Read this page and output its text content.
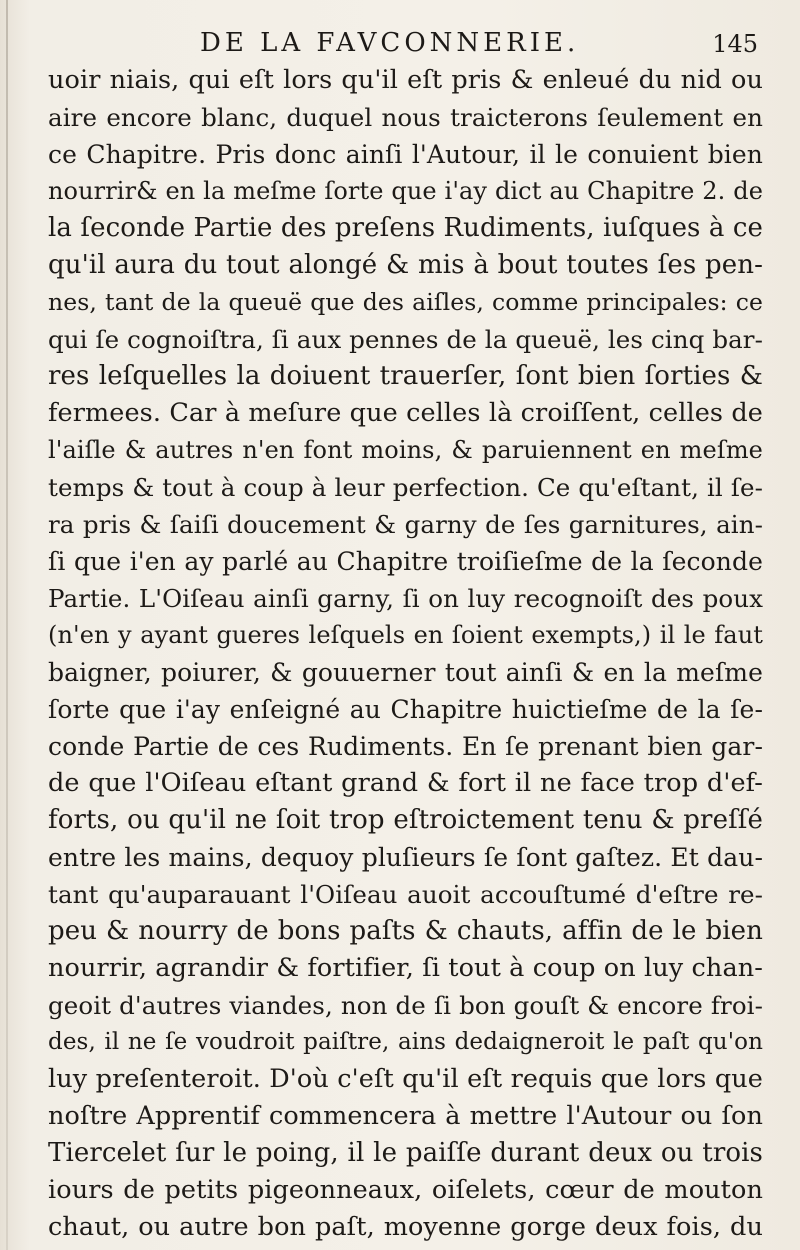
DE LA FAVCONNERIE.	145
uoir niais, qui eſt lors qu'il eſt pris & enleué du nid ou
aire encore blanc, duquel nous traicterons ſeulement en
ce Chapitre. Pris donc ainſi l'Autour, il le conuient bien
nourrir& en la meſme ſorte que i'ay dict au Chapitre 2. de
la ſeconde Partie des preſens Rudiments, iuſques à ce
qu'il aura du tout alongé & mis à bout toutes ſes pen-
nes, tant de la queuë que des aiſles, comme principales: ce
qui ſe cognoiſtra, ſi aux pennes de la queuë, les cinq bar-
res leſquelles la doiuent trauerſer, ſont bien ſorties &
fermees. Car à meſure que celles là croiſſent, celles de
l'aiſle & autres n'en font moins, & paruiennent en meſme
temps & tout à coup à leur perfection. Ce qu'eſtant, il ſe-
ra pris & ſaiſi doucement & garny de ſes garnitures, ain-
ſi que i'en ay parlé au Chapitre troiſieſme de la ſeconde
Partie. L'Oiſeau ainſi garny, ſi on luy recognoiſt des poux
(n'en y ayant gueres leſquels en ſoient exempts,) il le faut
baigner, poiurer, & gouuerner tout ainſi & en la meſme
ſorte que i'ay enſeigné au Chapitre huictieſme de la ſe-
conde Partie de ces Rudiments. En ſe prenant bien gar-
de que l'Oiſeau eſtant grand & fort il ne face trop d'ef-
forts, ou qu'il ne ſoit trop eſtroictement tenu & preſſé
entre les mains, dequoy pluſieurs ſe ſont gaſtez. Et dau-
tant qu'auparauant l'Oiſeau auoit accouſtumé d'eſtre re-
peu & nourry de bons paſts & chauts, affin de le bien
nourrir, agrandir & fortifier, ſi tout à coup on luy chan-
geoit d'autres viandes, non de ſi bon gouſt & encore froi-
des, il ne ſe voudroit paiſtre, ains dedaigneroit le paſt qu'on
luy preſenteroit. D'où c'eſt qu'il eſt requis que lors que
noſtre Apprentif commencera à mettre l'Autour ou ſon
Tiercelet ſur le poing, il le paiſſe durant deux ou trois
iours de petits pigeonneaux, oiſelets, cœur de mouton
chaut, ou autre bon paſt, moyenne gorge deux fois, du
